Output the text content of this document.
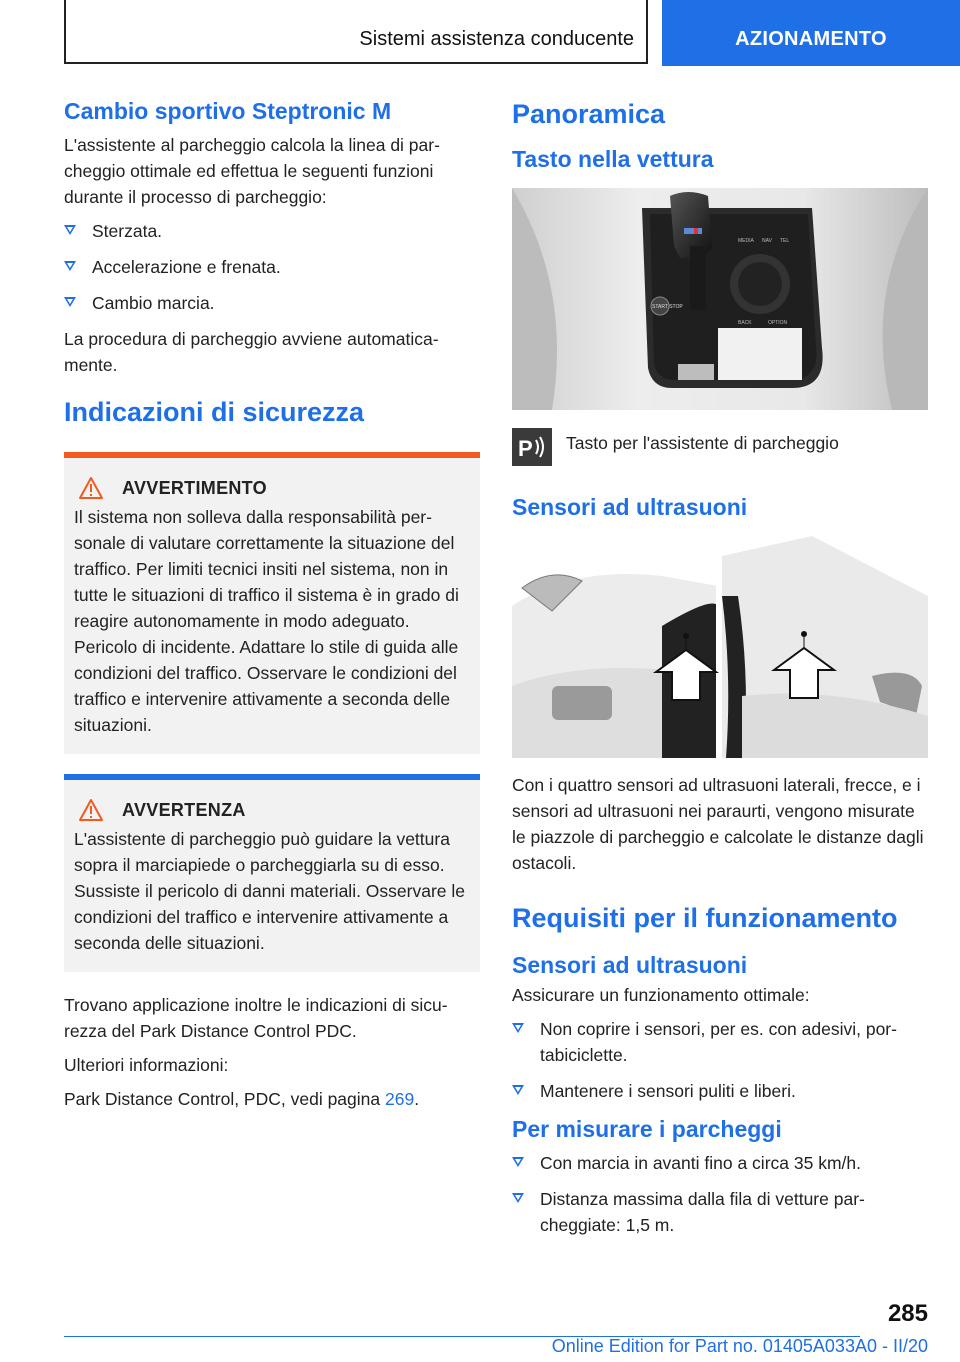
Sistemi assistenza conducente	AZIONAMENTO
Cambio sportivo Steptronic M

L'assistente al parcheggio calcola la linea di parcheggio ottimale ed effettua le seguenti funzioni durante il processo di parcheggio:

Sterzata.
Accelerazione e frenata.
Cambio marcia.

La procedura di parcheggio avviene automaticamente.

Indicazioni di sicurezza
AVVERTIMENTO

Il sistema non solleva dalla responsabilità personale di valutare correttamente la situazione del traffico. Per limiti tecnici insiti nel sistema, non in tutte le situazioni di traffico il sistema è in grado di reagire autonomamente in modo adeguato. Pericolo di incidente. Adattare lo stile di guida alle condizioni del traffico. Osservare le condizioni del traffico e intervenire attivamente a seconda delle situazioni.

AVVERTENZA

L'assistente di parcheggio può guidare la vettura sopra il marciapiede o parcheggiarla su di esso. Sussiste il pericolo di danni materiali. Osservare le condizioni del traffico e intervenire attivamente a seconda delle situazioni.

Trovano applicazione inoltre le indicazioni di sicurezza del Park Distance Control PDC.

Ulteriori informazioni:

Park Distance Control, PDC, vedi pagina 269.

Panoramica
Tasto nella vettura
START STOP
MEDIA NAV TEL
BACK	OPTION
P Tasto per l'assistente di parcheggio
Sensori ad ultrasuoni

Con i quattro sensori ad ultrasuoni laterali, frecce, e i sensori ad ultrasuoni nei paraurti, vengono misurate le piazzole di parcheggio e calcolate le distanze dagli ostacoli.

Requisiti per il funzionamento
Sensori ad ultrasuoni

Assicurare un funzionamento ottimale:

Non coprire i sensori, per es. con adesivi, portabiciclette.
Mantenere i sensori puliti e liberi.
Per misurare i parcheggi
Con marcia in avanti fino a circa 35 km/h.
Distanza massima dalla fila di vetture parcheggiate: 1,5 m.
285
Online Edition for Part no. 01405A033A0 - II/20
